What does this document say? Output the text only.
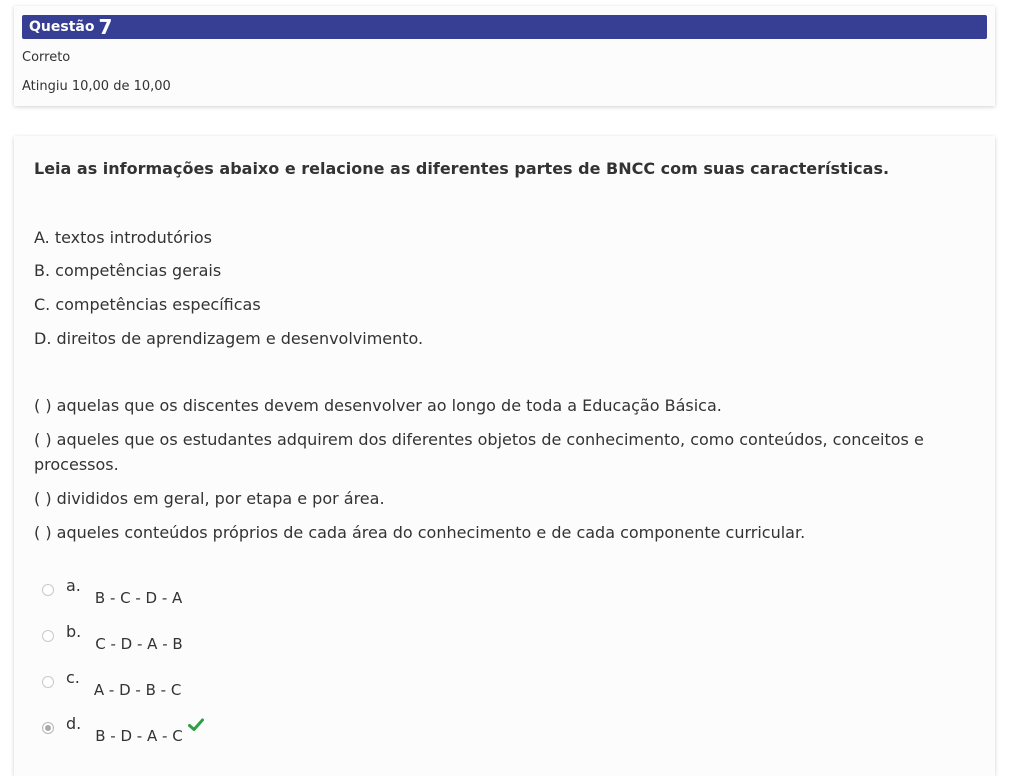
Questão 7
Correto
Atingiu 10,00 de 10,00
Leia as informações abaixo e relacione as diferentes partes de BNCC com suas características.
A. textos introdutórios
B. competências gerais
C. competências específicas
D. direitos de aprendizagem e desenvolvimento.
( ) aquelas que os discentes devem desenvolver ao longo de toda a Educação Básica.
( ) aqueles que os estudantes adquirem dos diferentes objetos de conhecimento, como conteúdos, conceitos e processos.
( ) divididos em geral, por etapa e por área.
( ) aqueles conteúdos próprios de cada área do conhecimento e de cada componente curricular.
a.
B - C - D - A
b.
C - D - A - B
c.
A - D - B - C
d.
B - D - A - C
